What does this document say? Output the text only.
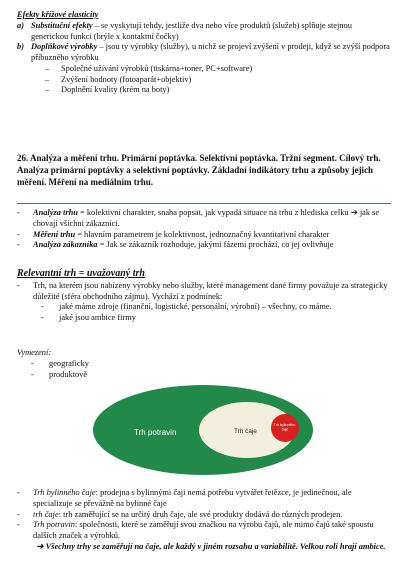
Efekty křížové elasticity

a) Substituční efekty – se vyskytují tehdy, jestliže dva nebo více produktů (služeb) splňuje stejnou generickou funkci (brýle x kontaktní čočky)

b) Doplňkové výrobky – jsou ty výrobky (služby), u nichž se projeví zvýšení v prodeji, když se zvýší podpora příbuzného výrobku

– Společné užívání výrobků (tiskárna+toner, PC+software)

– Zvýšení hodnoty (fotoaparát+objektiv)

– Doplnění kvality (krém na boty)

26. Analýza a měření trhu. Primární poptávka. Selektivní poptávka. Tržní segment. Cílový trh. Analýza primární poptávky a selektivní poptávky. Základní indikátory trhu a způsoby jejich měření. Měření na mediálním trhu.

- Analýza trhu = kolektivní charakter, snaha popsat, jak vypadá situace na trhu z hlediska celku ➔ jak se chovají všichni zákazníci.

- Měření trhu = hlavním parametrem je kolektivnost, jednoznačný kvantitativní charakter

- Analýza zákazníka = Jak se zákazník rozhoduje, jakými fázemi prochází, co jej ovlivňuje

Relevantní trh = uvažovaný trh

- Trh, na kterém jsou nabízeny výrobky nebo služby, které management dané firmy považuje za strategicky důležité (sféra obchodního zájmu). Vychází z podmínek:

- jaké máme zdroje (finanční, logistické, personální, výrobní) – všechny, co máme.

- jaké jsou ambice firmy

Vymezení:

- geograficky

- produktově

Trh potravin	Trh čaje
Trh bylinného čaje

- Trh bylinného čaje: prodejna s bylinnými čaji nemá potřebu vytvářet řetězce, je jedinečnou, ale specializuje se převážně na bylinné čaje

- trh čaje: trh zaměřující se na určitý druh čaje, ale své produkty dodává do různých prodejen.

- Trh potravin: společnosti, které se zaměřují svou značkou na výrobu čajů, ale mimo čajů také spoustu dalších značek a výrobků.

➔ Všechny trhy se zaměřují na čaje, ale každý v jiném rozsahu a variabilitě. Velkou roli hrají ambice.
